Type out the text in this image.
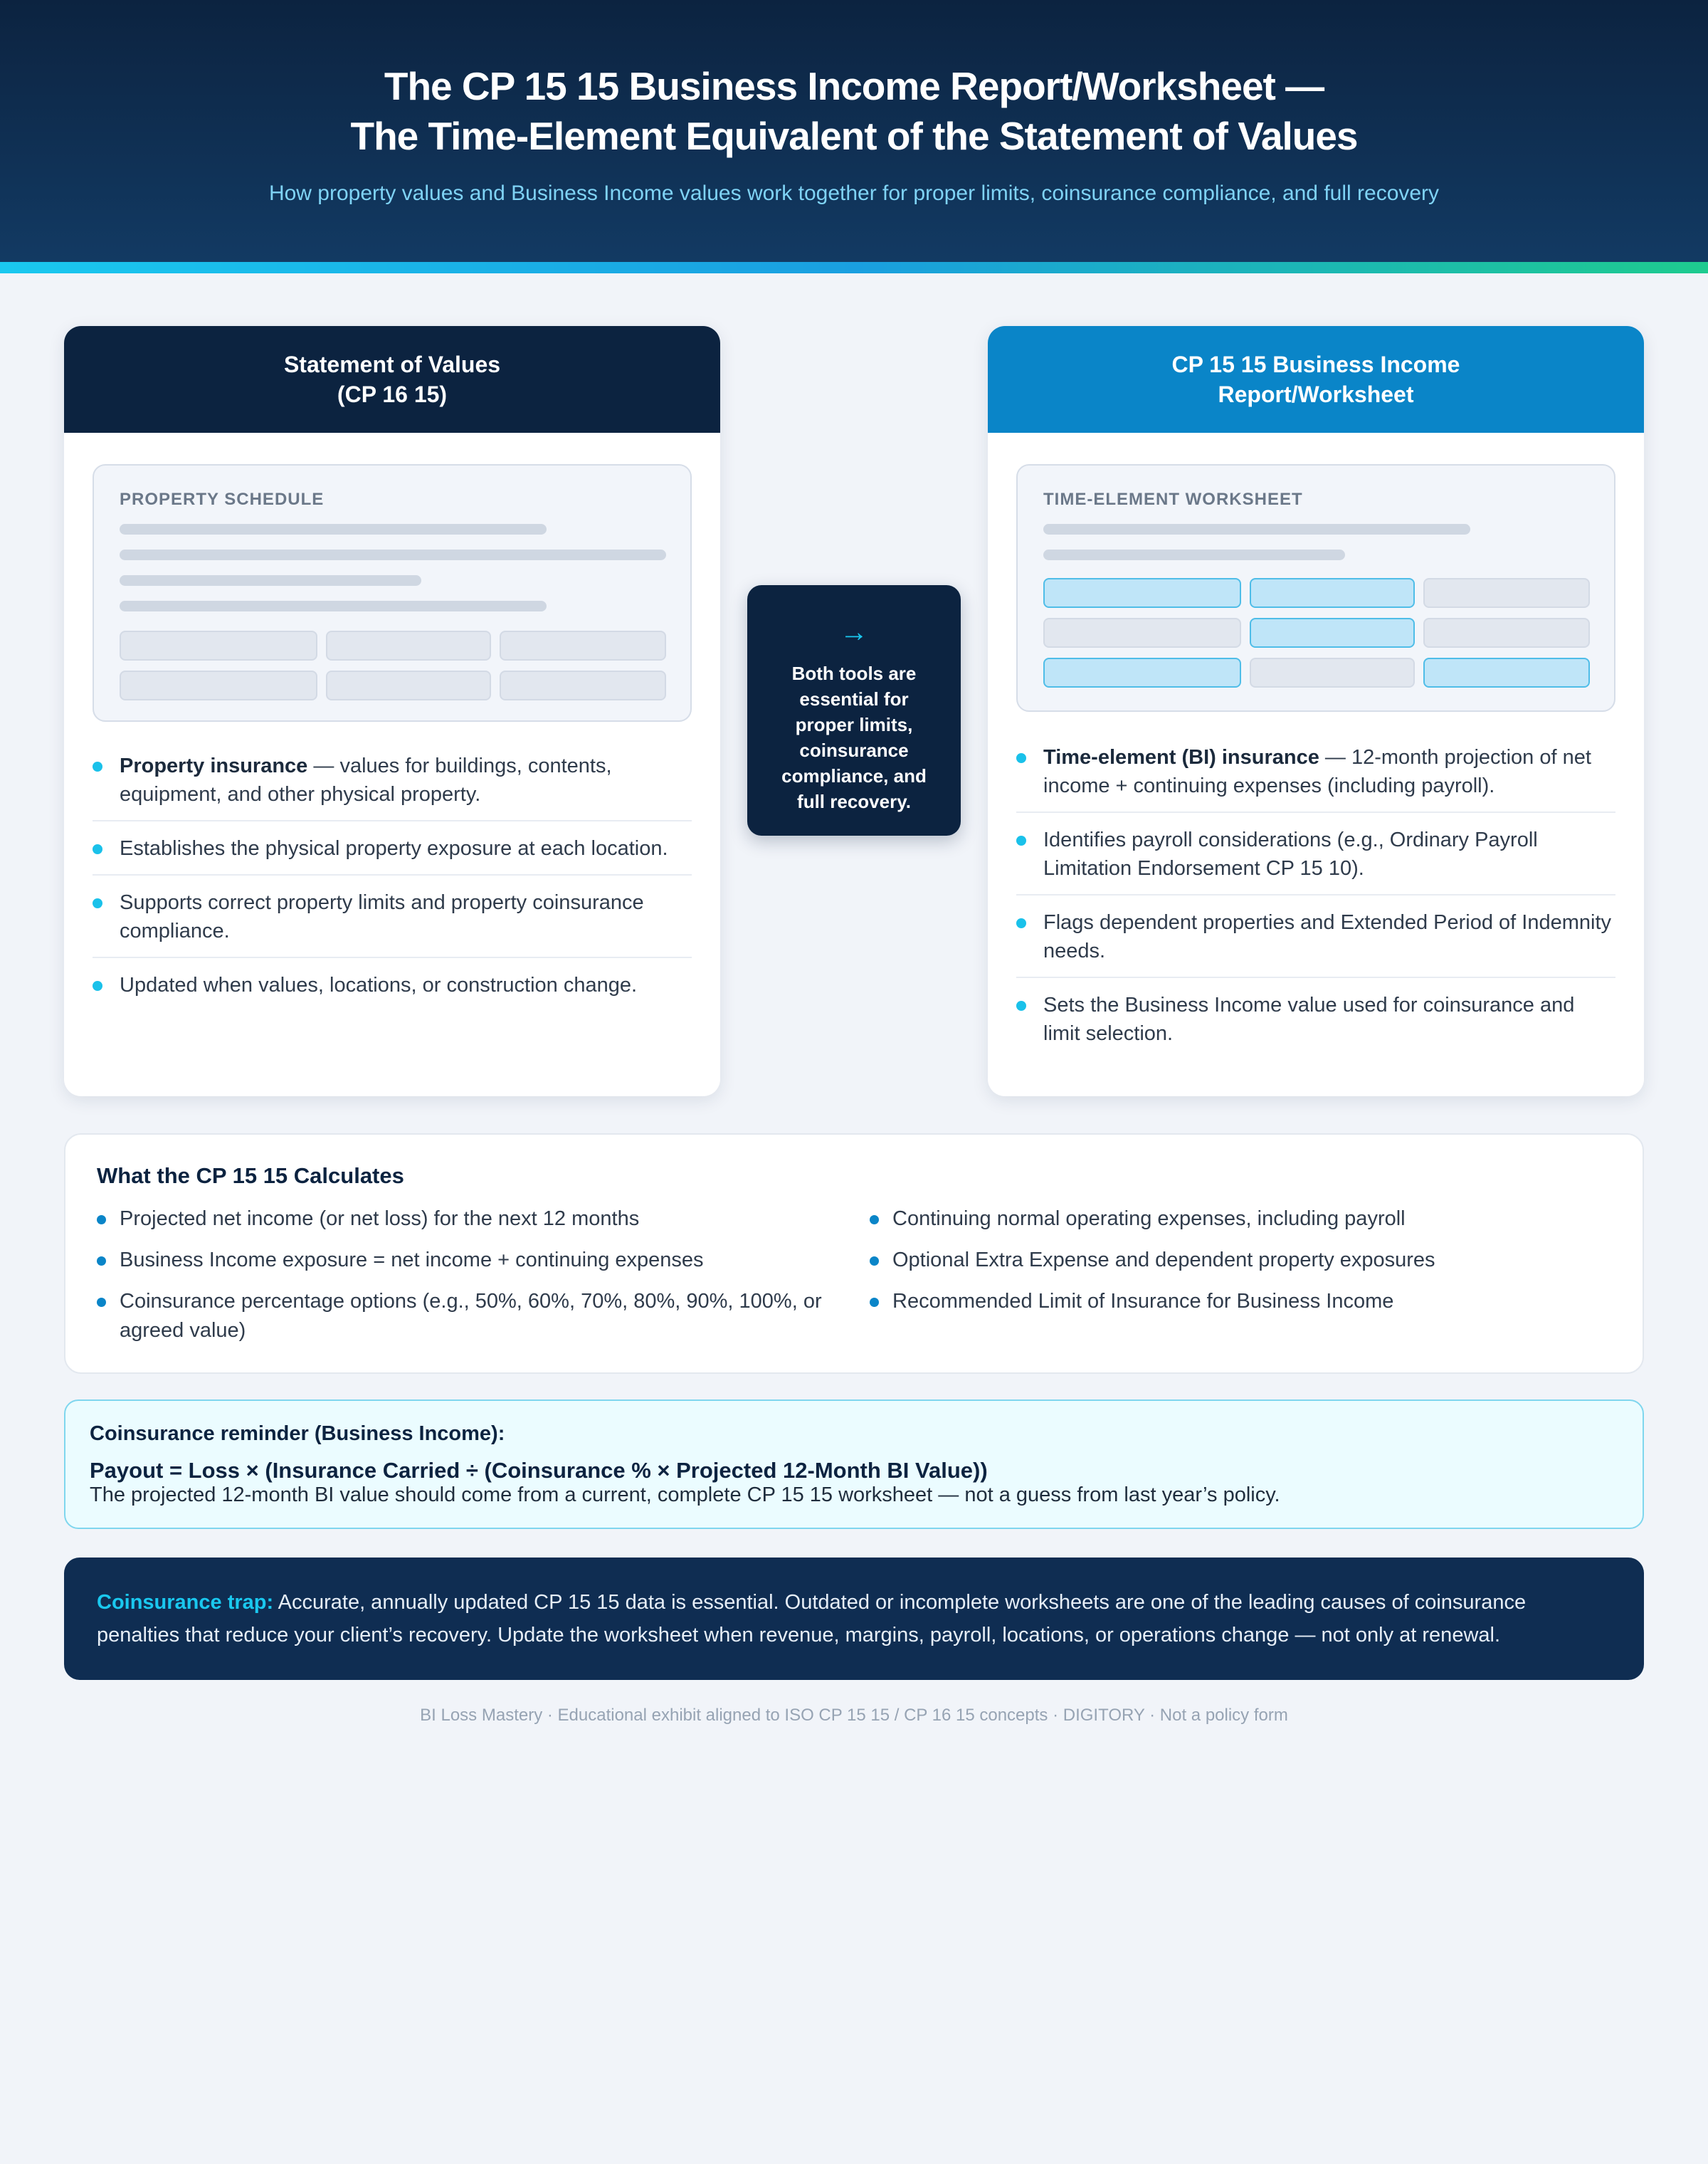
The CP 15 15 Business Income Report/Worksheet —
The Time-Element Equivalent of the Statement of Values
How property values and Business Income values work together for proper limits, coinsurance compliance, and full recovery
Statement of Values
(CP 16 15)
PROPERTY SCHEDULE
Property insurance — values for buildings, contents, equipment, and other physical property.
Establishes the physical property exposure at each location.
Supports correct property limits and property coinsurance compliance.
Updated when values, locations, or construction change.
→
Both tools are essential for proper limits, coinsurance compliance, and full recovery.
CP 15 15 Business Income
Report/Worksheet
TIME-ELEMENT WORKSHEET
Time-element (BI) insurance — 12-month projection of net income + continuing expenses (including payroll).
Identifies payroll considerations (e.g., Ordinary Payroll Limitation Endorsement CP 15 10).
Flags dependent properties and Extended Period of Indemnity needs.
Sets the Business Income value used for coinsurance and limit selection.
What the CP 15 15 Calculates
Projected net income (or net loss) for the next 12 months
Business Income exposure = net income + continuing expenses
Coinsurance percentage options (e.g., 50%, 60%, 70%, 80%, 90%, 100%, or agreed value)
Continuing normal operating expenses, including payroll
Optional Extra Expense and dependent property exposures
Recommended Limit of Insurance for Business Income
Coinsurance reminder (Business Income):
Payout = Loss × (Insurance Carried ÷ (Coinsurance % × Projected 12-Month BI Value))
The projected 12-month BI value should come from a current, complete CP 15 15 worksheet — not a guess from last year’s policy.
Coinsurance trap: Accurate, annually updated CP 15 15 data is essential. Outdated or incomplete worksheets are one of the leading causes of coinsurance penalties that reduce your client’s recovery. Update the worksheet when revenue, margins, payroll, locations, or operations change — not only at renewal.
BI Loss Mastery · Educational exhibit aligned to ISO CP 15 15 / CP 16 15 concepts · DIGITORY · Not a policy form
